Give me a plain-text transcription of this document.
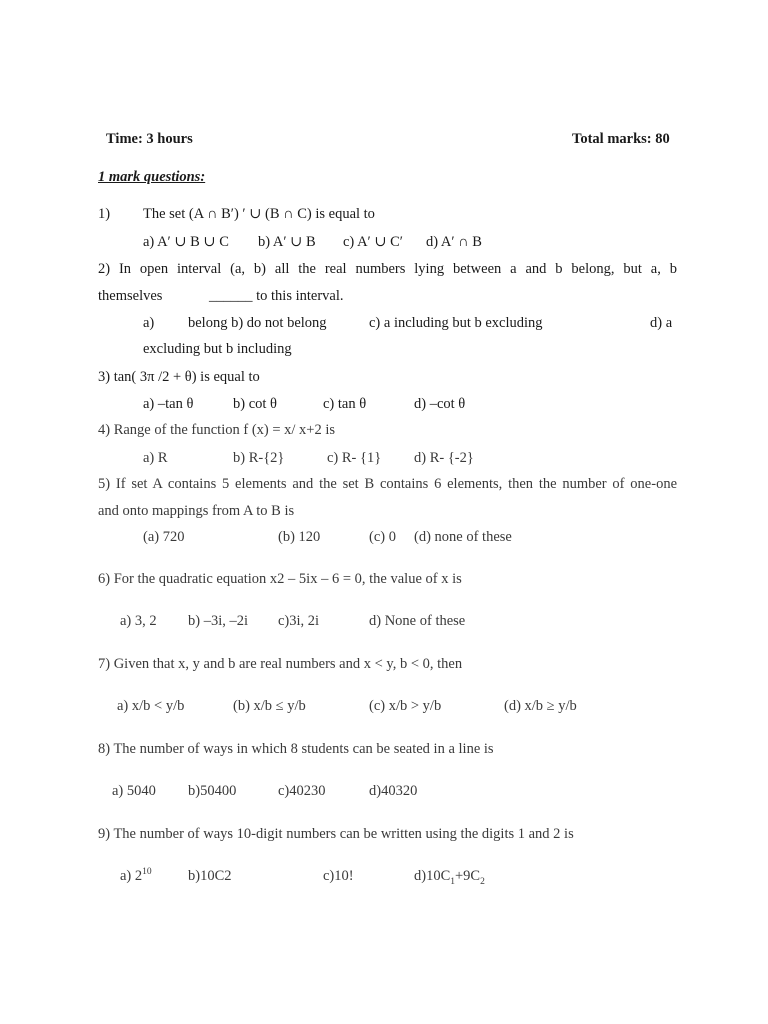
Time: 3 hours	Total marks: 80
1 mark questions:
1) The set (A ∩ B′) ′ ∪ (B ∩ C) is equal to
a) A′ ∪ B ∪ C b) A′ ∪ B c) A′ ∪ C′ d) A′ ∩ B
2) In open interval (a, b) all the real numbers lying between a and b belong, but a, b
themselves	______ to this interval.
a) belong b) do not belong	c) a including but b excluding	d) a
excluding but b including
3) tan( 3π /2 + θ) is equal to
a) –tan θ	b) cot θ	c) tan θ	d) –cot θ
4) Range of the function f (x) = x/ x+2 is
a) R	b) R-{2}	c) R- {1} d) R- {-2}
5) If set A contains 5 elements and the set B contains 6 elements, then the number of one-one
and onto mappings from A to B is
(a) 720	(b) 120	(c) 0 (d) none of these
6) For the quadratic equation x2 – 5ix – 6 = 0, the value of x is
a) 3, 2 b) –3i, –2i c)3i, 2i	d) None of these
7) Given that x, y and b are real numbers and x < y, b < 0, then
a) x/b < y/b	(b) x/b ≤ y/b	(c) x/b > y/b	(d) x/b ≥ y/b
8) The number of ways in which 8 students can be seated in a line is
a) 5040 b)50400	c)40230	d)40320
9) The number of ways 10-digit numbers can be written using the digits 1 and 2 is
a) $2^{10}$	b)10C2	c)10!	$d)10C_1+9C_2$
